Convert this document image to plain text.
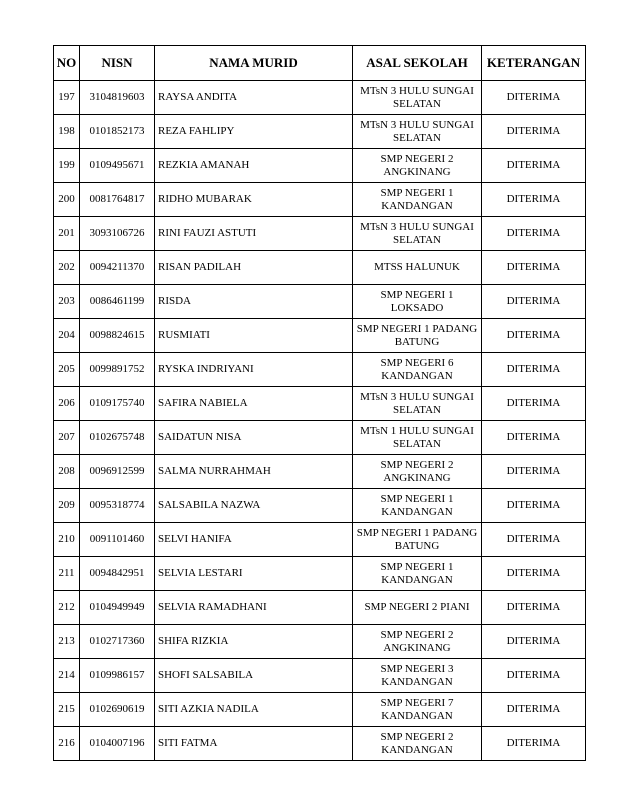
NO	NISN	NAMA MURID	ASAL SEKOLAH	KETERANGAN
197	3104819603	RAYSA ANDITA	MTsN 3 HULU SUNGAI SELATAN	DITERIMA
198	0101852173	REZA FAHLIPY	MTsN 3 HULU SUNGAI SELATAN	DITERIMA
199	0109495671	REZKIA AMANAH	SMP NEGERI 2 ANGKINANG	DITERIMA
200	0081764817	RIDHO MUBARAK	SMP NEGERI 1 KANDANGAN	DITERIMA
201	3093106726	RINI FAUZI ASTUTI	MTsN 3 HULU SUNGAI SELATAN	DITERIMA
202	0094211370	RISAN PADILAH	MTSS HALUNUK	DITERIMA
203	0086461199	RISDA	SMP NEGERI 1 LOKSADO	DITERIMA
204	0098824615	RUSMIATI	SMP NEGERI 1 PADANG BATUNG	DITERIMA
205	0099891752	RYSKA INDRIYANI	SMP NEGERI 6 KANDANGAN	DITERIMA
206	0109175740	SAFIRA NABIELA	MTsN 3 HULU SUNGAI SELATAN	DITERIMA
207	0102675748	SAIDATUN NISA	MTsN 1 HULU SUNGAI SELATAN	DITERIMA
208	0096912599	SALMA NURRAHMAH	SMP NEGERI 2 ANGKINANG	DITERIMA
209	0095318774	SALSABILA NAZWA	SMP NEGERI 1 KANDANGAN	DITERIMA
210	0091101460	SELVI HANIFA	SMP NEGERI 1 PADANG BATUNG	DITERIMA
211	0094842951	SELVIA LESTARI	SMP NEGERI 1 KANDANGAN	DITERIMA
212	0104949949	SELVIA RAMADHANI	SMP NEGERI 2 PIANI	DITERIMA
213	0102717360	SHIFA RIZKIA	SMP NEGERI 2 ANGKINANG	DITERIMA
214	0109986157	SHOFI SALSABILA	SMP NEGERI 3 KANDANGAN	DITERIMA
215	0102690619	SITI AZKIA NADILA	SMP NEGERI 7 KANDANGAN	DITERIMA
216	0104007196	SITI FATMA	SMP NEGERI 2 KANDANGAN	DITERIMA
